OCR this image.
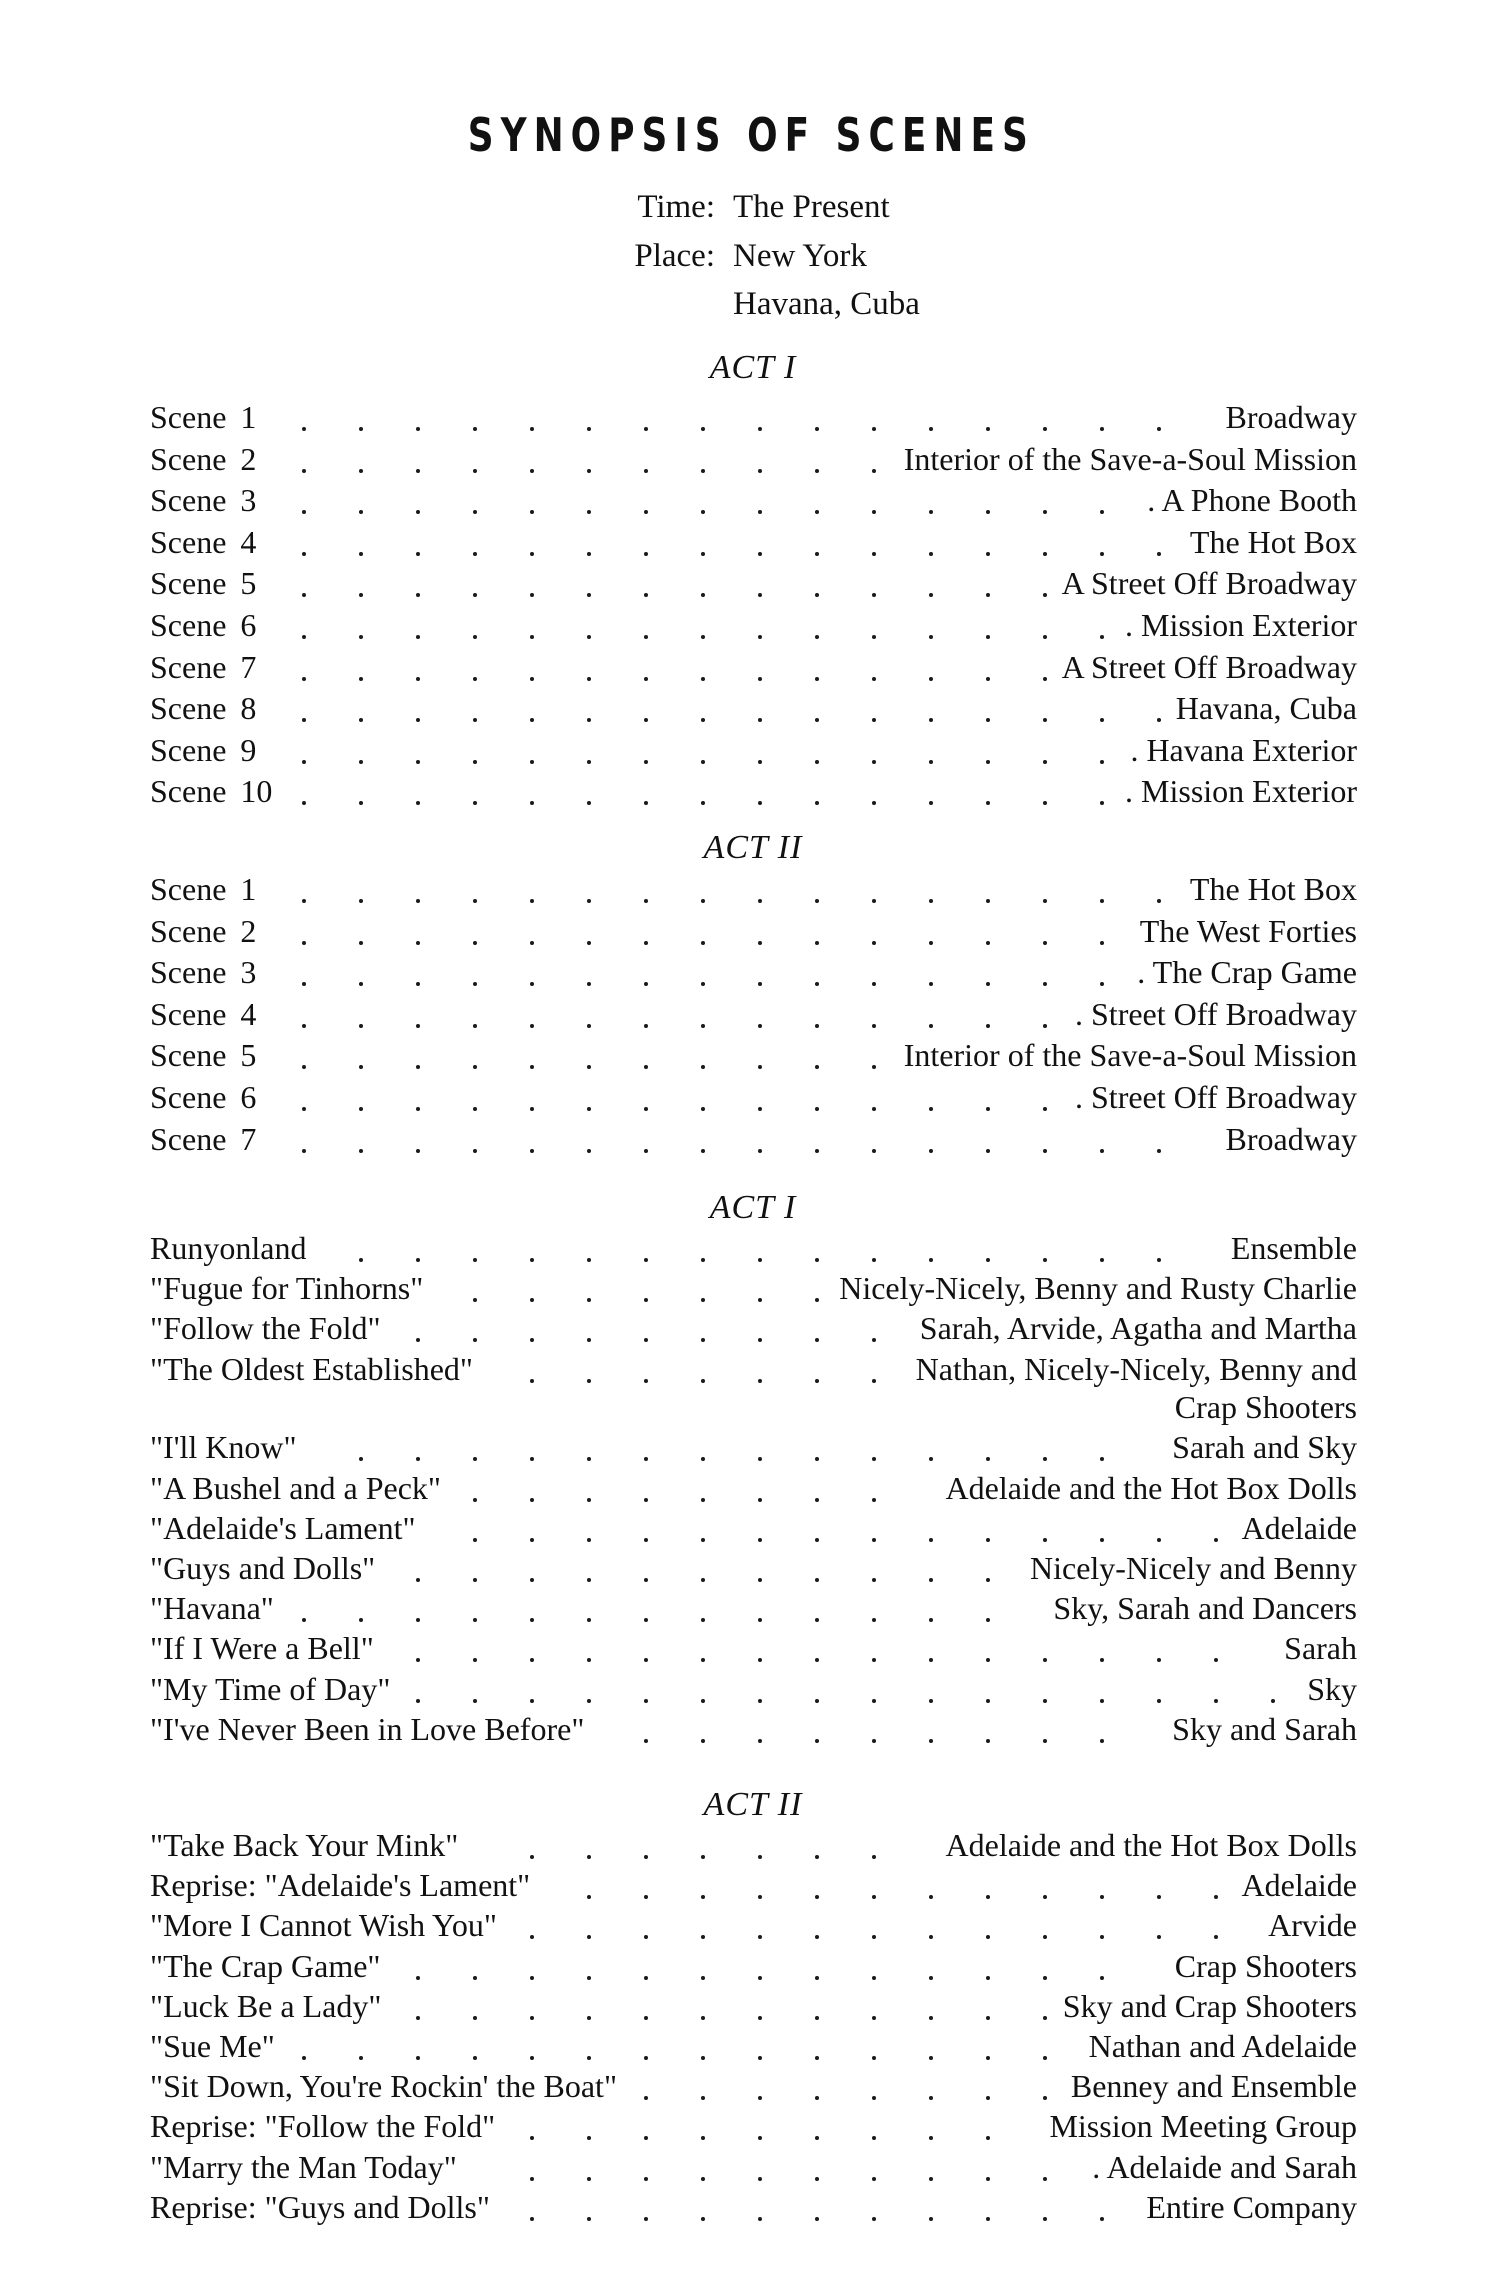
SYNOPSIS OF SCENES
Time: The Present
Place: New York
Havana, Cuba
ACT I
Scene 1	Broadway
Scene 2	Interior of the Save-a-Soul Mission
Scene 3	. A Phone Booth
Scene 4	The Hot Box
Scene 5	A Street Off Broadway
Scene 6	. Mission Exterior
Scene 7	A Street Off Broadway
Scene 8	Havana, Cuba
Scene 9	. Havana Exterior
Scene 10	. Mission Exterior
ACT II
Scene 1	The Hot Box
Scene 2	The West Forties
Scene 3	. The Crap Game
Scene 4	. Street Off Broadway
Scene 5	Interior of the Save-a-Soul Mission
Scene 6	. Street Off Broadway
Scene 7	Broadway
ACT I
Runyonland	Ensemble
"Fugue for Tinhorns"	Nicely-Nicely, Benny and Rusty Charlie
"Follow the Fold"	Sarah, Arvide, Agatha and Martha
"The Oldest Established"	Nathan, Nicely-Nicely, Benny and
Crap Shooters
"I'll Know"	Sarah and Sky
"A Bushel and a Peck"	Adelaide and the Hot Box Dolls
"Adelaide's Lament"	Adelaide
"Guys and Dolls"	Nicely-Nicely and Benny
"Havana"	Sky, Sarah and Dancers
"If I Were a Bell"	Sarah
"My Time of Day"	Sky
"I've Never Been in Love Before"	Sky and Sarah
ACT II
"Take Back Your Mink"	Adelaide and the Hot Box Dolls
Reprise: "Adelaide's Lament"	Adelaide
"More I Cannot Wish You"	Arvide
"The Crap Game"	Crap Shooters
"Luck Be a Lady"	Sky and Crap Shooters
"Sue Me"	Nathan and Adelaide
"Sit Down, You're Rockin' the Boat"	Benney and Ensemble
Reprise: "Follow the Fold"	Mission Meeting Group
"Marry the Man Today"	. Adelaide and Sarah
Reprise: "Guys and Dolls"	Entire Company
